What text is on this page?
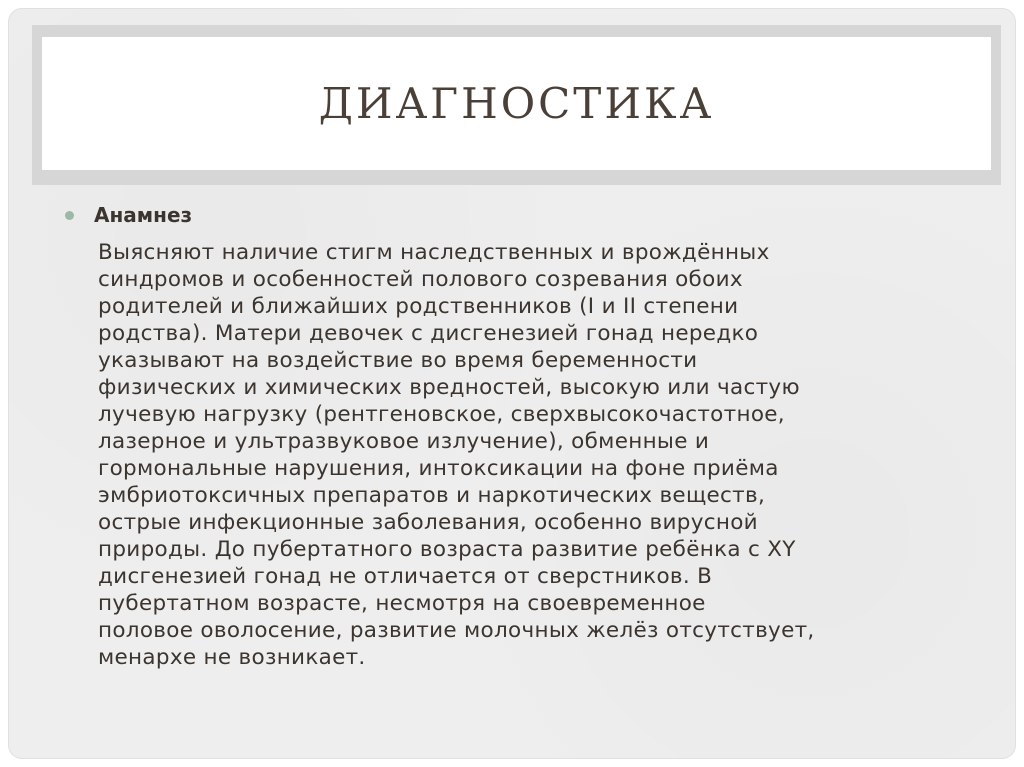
ДИАГНОСТИКА
Анамнез
Выясняют наличие стигм наследственных и врождённых
синдромов и особенностей полового созревания обоих
родителей и ближайших родственников (I и II степени
родства). Матери девочек с дисгенезией гонад нередко
указывают на воздействие во время беременности
физических и химических вредностей, высокую или частую
лучевую нагрузку (рентгеновское, сверхвысокочастотное,
лазерное и ультразвуковое излучение), обменные и
гормональные нарушения, интоксикации на фоне приёма
эмбриотоксичных препаратов и наркотических веществ,
острые инфекционные заболевания, особенно вирусной
природы. До пубертатного возраста развитие ребёнка с XY
дисгенезией гонад не отличается от сверстников. В
пубертатном возрасте, несмотря на своевременное
половое оволосение, развитие молочных желёз отсутствует,
менархе не возникает.
